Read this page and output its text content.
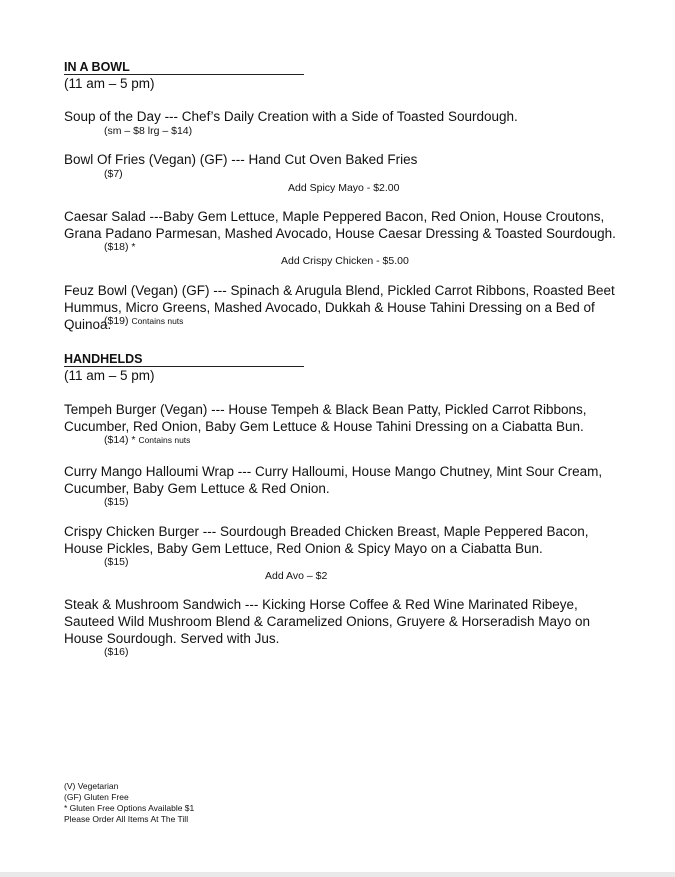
IN A BOWL
(11 am – 5 pm)
Soup of the Day --- Chef’s Daily Creation with a Side of Toasted Sourdough.
(sm – $8 lrg – $14)
Bowl Of Fries (Vegan) (GF) --- Hand Cut Oven Baked Fries
($7)
Add Spicy Mayo - $2.00
Caesar Salad ---Baby Gem Lettuce, Maple Peppered Bacon, Red Onion, House Croutons, Grana Padano Parmesan, Mashed Avocado, House Caesar Dressing & Toasted Sourdough.
($18) *
Add Crispy Chicken - $5.00
Feuz Bowl (Vegan) (GF) --- Spinach & Arugula Blend, Pickled Carrot Ribbons, Roasted Beet Hummus, Micro Greens, Mashed Avocado, Dukkah & House Tahini Dressing on a Bed of Quinoa.
($19) Contains nuts
HANDHELDS
(11 am – 5 pm)
Tempeh Burger (Vegan) --- House Tempeh & Black Bean Patty, Pickled Carrot Ribbons, Cucumber, Red Onion, Baby Gem Lettuce & House Tahini Dressing on a Ciabatta Bun.
($14) * Contains nuts
Curry Mango Halloumi Wrap --- Curry Halloumi, House Mango Chutney, Mint Sour Cream, Cucumber, Baby Gem Lettuce & Red Onion.
($15)
Crispy Chicken Burger --- Sourdough Breaded Chicken Breast, Maple Peppered Bacon, House Pickles, Baby Gem Lettuce, Red Onion & Spicy Mayo on a Ciabatta Bun.
($15)
Add Avo – $2
Steak & Mushroom Sandwich --- Kicking Horse Coffee & Red Wine Marinated Ribeye, Sauteed Wild Mushroom Blend & Caramelized Onions, Gruyere & Horseradish Mayo on House Sourdough. Served with Jus.
($16)
(V) Vegetarian
(GF) Gluten Free
* Gluten Free Options Available $1
Please Order All Items At The Till
